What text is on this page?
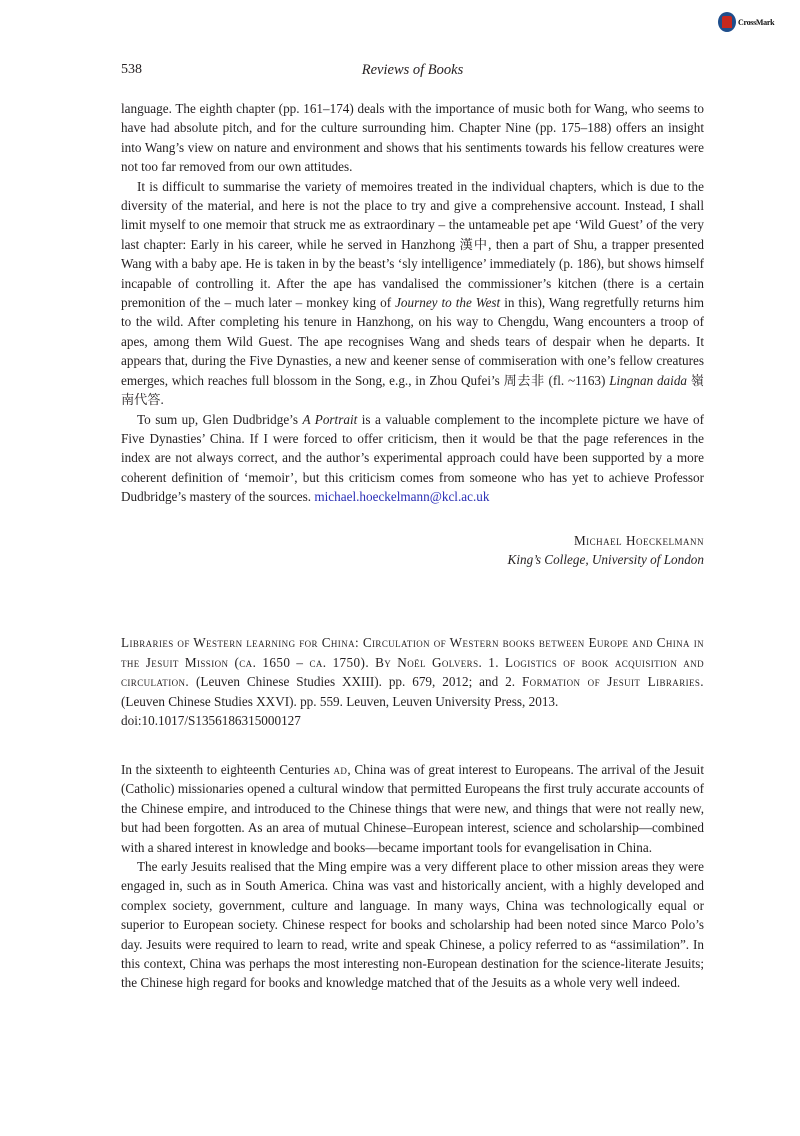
CrossMark
538	Reviews of Books

language. The eighth chapter (pp. 161–174) deals with the importance of music both for Wang, who seems to have had absolute pitch, and for the culture surrounding him. Chapter Nine (pp. 175–188) offers an insight into Wang’s view on nature and environment and shows that his sentiments towards his fellow creatures were not too far removed from our own attitudes.

It is difficult to summarise the variety of memoires treated in the individual chapters, which is due to the diversity of the material, and here is not the place to try and give a comprehensive account. Instead, I shall limit myself to one memoir that struck me as extraordinary – the untameable pet ape ‘Wild Guest’ of the very last chapter: Early in his career, while he served in Hanzhong 漢中, then a part of Shu, a trapper presented Wang with a baby ape. He is taken in by the beast’s ‘sly intelligence’ immediately (p. 186), but shows himself incapable of controlling it. After the ape has vandalised the commissioner’s kitchen (there is a certain premonition of the – much later – monkey king of Journey to the West in this), Wang regretfully returns him to the wild. After completing his tenure in Hanzhong, on his way to Chengdu, Wang encounters a troop of apes, among them Wild Guest. The ape recognises Wang and sheds tears of despair when he departs. It appears that, during the Five Dynasties, a new and keener sense of commiseration with one’s fellow creatures emerges, which reaches full blossom in the Song, e.g., in Zhou Qufei’s 周去非 (fl. ~1163) Lingnan daida 嶺南代答.

To sum up, Glen Dudbridge’s A Portrait is a valuable complement to the incomplete picture we have of Five Dynasties’ China. If I were forced to offer criticism, then it would be that the page references in the index are not always correct, and the author’s experimental approach could have been supported by a more coherent definition of ‘memoir’, but this criticism comes from someone who has yet to achieve Professor Dudbridge’s mastery of the sources. michael.hoeckelmann@kcl.ac.uk

Michael Hoeckelmann
King’s College, University of London
Libraries of Western learning for China: Circulation of Western books between Europe and China in the Jesuit Mission (ca. 1650 – ca. 1750). By Noël Golvers. 1. Logistics of book acquisition and circulation. (Leuven Chinese Studies XXIII). pp. 679, 2012; and 2. Formation of Jesuit Libraries. (Leuven Chinese Studies XXVI). pp. 559. Leuven, Leuven University Press, 2013.
doi:10.1017/S1356186315000127

In the sixteenth to eighteenth Centuries ad, China was of great interest to Europeans. The arrival of the Jesuit (Catholic) missionaries opened a cultural window that permitted Europeans the first truly accurate accounts of the Chinese empire, and introduced to the Chinese things that were new, and things that were not really new, but had been forgotten. As an area of mutual Chinese–European interest, science and scholarship—combined with a shared interest in knowledge and books—became important tools for evangelisation in China.

The early Jesuits realised that the Ming empire was a very different place to other mission areas they were engaged in, such as in South America. China was vast and historically ancient, with a highly developed and complex society, government, culture and language. In many ways, China was technologically equal or superior to European society. Chinese respect for books and scholarship had been noted since Marco Polo’s day. Jesuits were required to learn to read, write and speak Chinese, a policy referred to as “assimilation”. In this context, China was perhaps the most interesting non-European destination for the science-literate Jesuits; the Chinese high regard for books and knowledge matched that of the Jesuits as a whole very well indeed.
